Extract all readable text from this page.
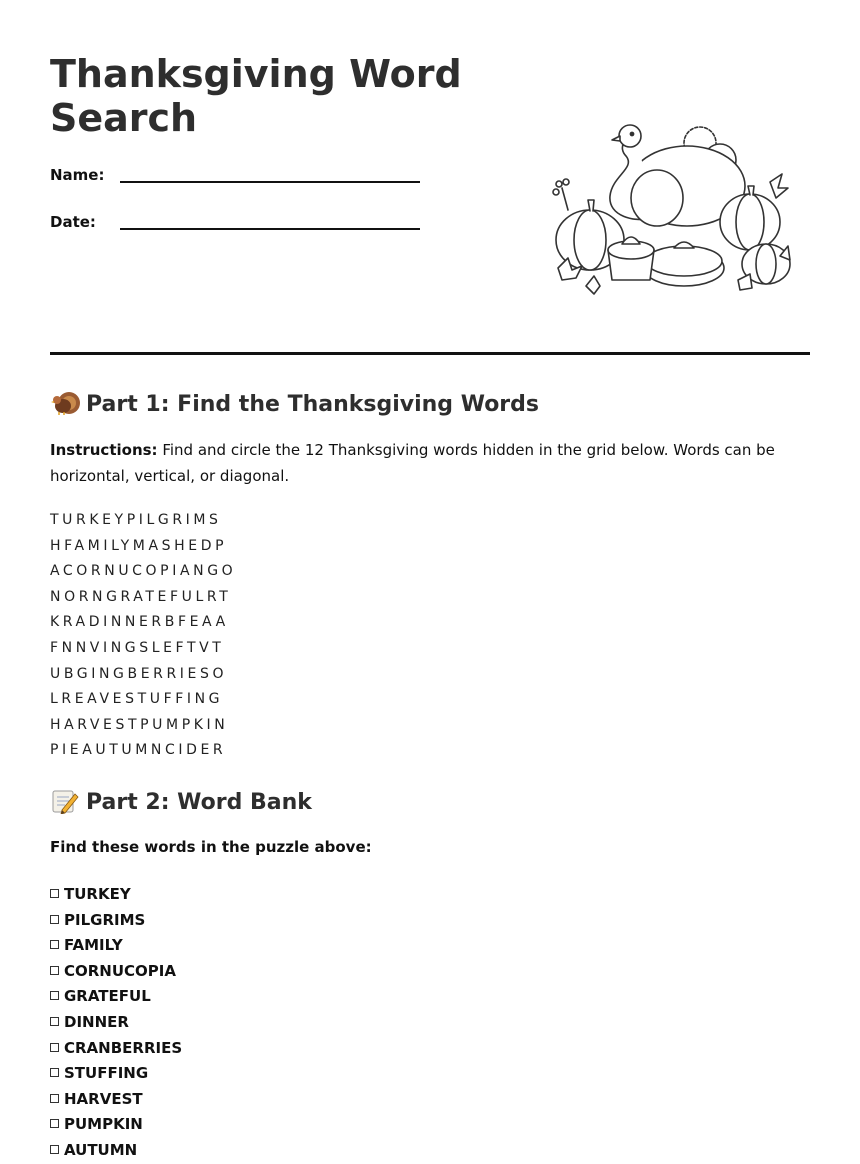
Thanksgiving Word Search
Name:
Date:
Part 1: Find the Thanksgiving Words

Instructions: Find and circle the 12 Thanksgiving words hidden in the grid below. Words can be horizontal, vertical, or diagonal.

TURKEYPILGRIMS
HFAMILYMASHEDP
ACORNUCOPIANGO
NORNGRATEFULRT
KRADINNERBFEAA
FNNVINGSLEFTVT
UBGINGBERRIESO
LREAVESTUFFING
HARVESTPUMPKIN
PIEAUTUMNCIDER
Part 2: Word Bank
Find these words in the puzzle above:
TURKEY
PILGRIMS
FAMILY
CORNUCOPIA
GRATEFUL
DINNER
CRANBERRIES
STUFFING
HARVEST
PUMPKIN
AUTUMN
